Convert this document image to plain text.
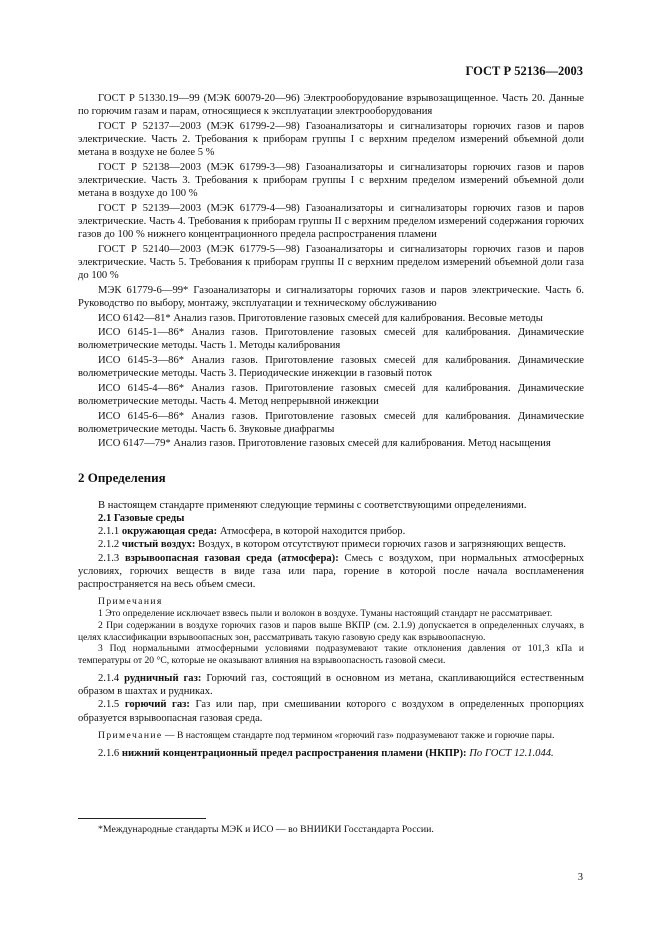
ГОСТ Р 52136—2003

ГОСТ Р 51330.19—99 (МЭК 60079-20—96) Электрооборудование взрывозащищенное. Часть 20. Данные по горючим газам и парам, относящиеся к эксплуатации электрооборудования

ГОСТ Р 52137—2003 (МЭК 61799-2—98) Газоанализаторы и сигнализаторы горючих газов и паров электрические. Часть 2. Требования к приборам группы I с верхним пределом измерений объемной доли метана в воздухе не более 5 %

ГОСТ Р 52138—2003 (МЭК 61799-3—98) Газоанализаторы и сигнализаторы горючих газов и паров электрические. Часть 3. Требования к приборам группы I с верхним пределом измерений объемной доли метана в воздухе до 100 %

ГОСТ Р 52139—2003 (МЭК 61779-4—98) Газоанализаторы и сигнализаторы горючих газов и паров электрические. Часть 4. Требования к приборам группы II с верхним пределом измерений содержания горючих газов до 100 % нижнего концентрационного предела распространения пламени

ГОСТ Р 52140—2003 (МЭК 61779-5—98) Газоанализаторы и сигнализаторы горючих газов и паров электрические. Часть 5. Требования к приборам группы II с верхним пределом измерений объемной доли газа до 100 %

МЭК 61779-6—99* Газоанализаторы и сигнализаторы горючих газов и паров электрические. Часть 6. Руководство по выбору, монтажу, эксплуатации и техническому обслуживанию

ИСО 6142—81* Анализ газов. Приготовление газовых смесей для калибрования. Весовые методы

ИСО 6145-1—86* Анализ газов. Приготовление газовых смесей для калибрования. Динамические волюметрические методы. Часть 1. Методы калибрования

ИСО 6145-3—86* Анализ газов. Приготовление газовых смесей для калибрования. Динамические волюметрические методы. Часть 3. Периодические инжекции в газовый поток

ИСО 6145-4—86* Анализ газов. Приготовление газовых смесей для калибрования. Динамические волюметрические методы. Часть 4. Метод непрерывной инжекции

ИСО 6145-6—86* Анализ газов. Приготовление газовых смесей для калибрования. Динамические волюметрические методы. Часть 6. Звуковые диафрагмы

ИСО 6147—79* Анализ газов. Приготовление газовых смесей для калибрования. Метод насыщения

2 Определения

В настоящем стандарте применяют следующие термины с соответствующими определениями.

2.1 Газовые среды

2.1.1 окружающая среда: Атмосфера, в которой находится прибор.

2.1.2 чистый воздух: Воздух, в котором отсутствуют примеси горючих газов и загрязняющих веществ.

2.1.3 взрывоопасная газовая среда (атмосфера): Смесь с воздухом, при нормальных атмосферных условиях, горючих веществ в виде газа или пара, горение в которой после начала воспламенения распространяется на весь объем смеси.

Примечания

1 Это определение исключает взвесь пыли и волокон в воздухе. Туманы настоящий стандарт не рассматривает.

2 При содержании в воздухе горючих газов и паров выше ВКПР (см. 2.1.9) допускается в определенных случаях, в целях классификации взрывоопасных зон, рассматривать такую газовую среду как взрывоопасную.

3 Под нормальными атмосферными условиями подразумевают такие отклонения давления от 101,3 кПа и температуры от 20 °С, которые не оказывают влияния на взрывоопасность газовой смеси.

2.1.4 рудничный газ: Горючий газ, состоящий в основном из метана, скапливающийся естественным образом в шахтах и рудниках.

2.1.5 горючий газ: Газ или пар, при смешивании которого с воздухом в определенных пропорциях образуется взрывоопасная газовая среда.

Примечание — В настоящем стандарте под термином «горючий газ» подразумевают также и горючие пары.

2.1.6 нижний концентрационный предел распространения пламени (НКПР): По ГОСТ 12.1.044.

*Международные стандарты МЭК и ИСО — во ВНИИКИ Госстандарта России.
3
